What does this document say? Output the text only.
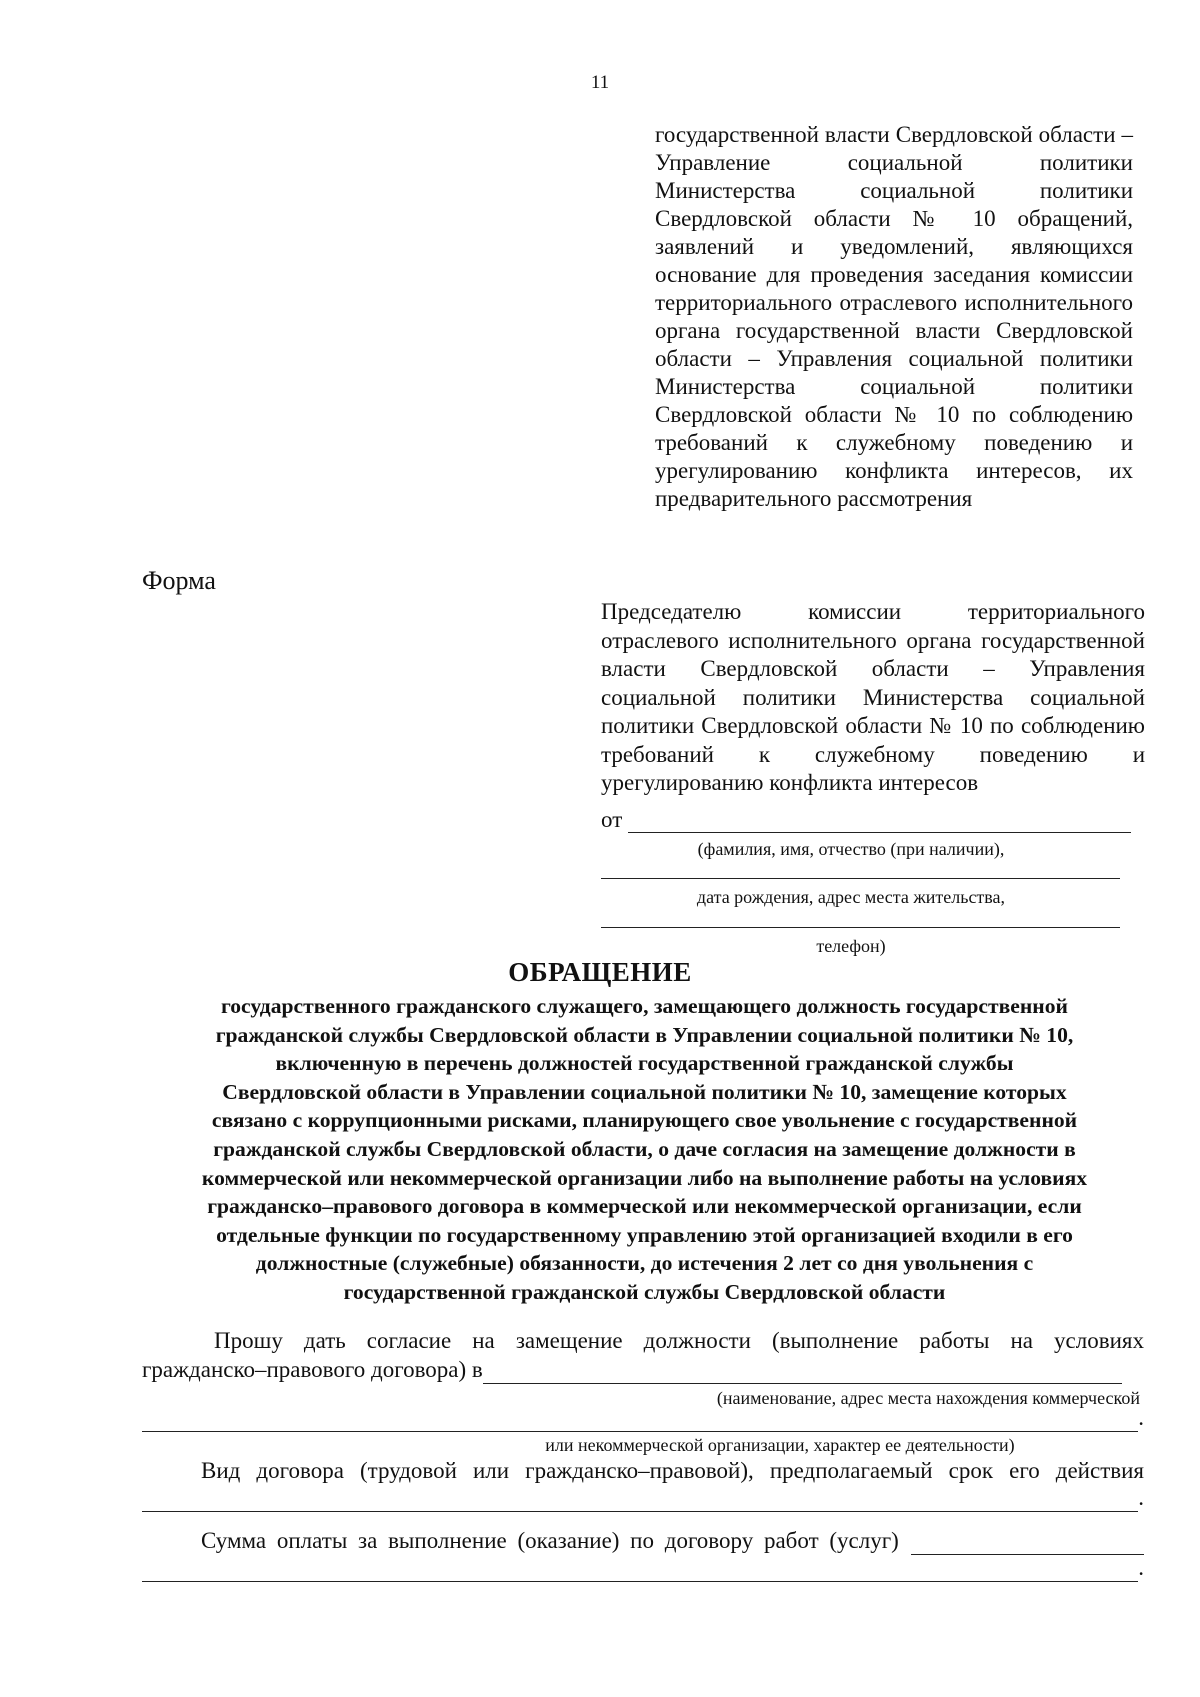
11
государственной власти Свердловской области – Управление социальной политики Министерства социальной политики Свердловской области № 10 обращений, заявлений и уведомлений, являющихся основание для проведения заседания комиссии территориального отраслевого исполнительного органа государственной власти Свердловской области – Управления социальной политики Министерства социальной политики Свердловской области № 10 по соблюдению требований к служебному поведению и урегулированию конфликта интересов, их предварительного рассмотрения
Форма
Председателю комиссии территориального отраслевого исполнительного органа государственной власти Свердловской области – Управления социальной политики Министерства социальной политики Свердловской области № 10 по соблюдению требований к служебному поведению и урегулированию конфликта интересов
от
(фамилия, имя, отчество (при наличии),
дата рождения, адрес места жительства,
телефон)
ОБРАЩЕНИЕ
государственного гражданского служащего, замещающего должность государственной
гражданской службы Свердловской области в Управлении социальной политики № 10,
включенную в перечень должностей государственной гражданской службы
Свердловской области в Управлении социальной политики № 10, замещение которых
связано с коррупционными рисками, планирующего свое увольнение с государственной
гражданской службы Свердловской области, о даче согласия на замещение должности в
коммерческой или некоммерческой организации либо на выполнение работы на условиях
гражданско–правового договора в коммерческой или некоммерческой организации, если
отдельные функции по государственному управлению этой организацией входили в его
должностные (служебные) обязанности, до истечения 2 лет со дня увольнения с
государственной гражданской службы Свердловской области
Прошу дать согласие на замещение должности (выполнение работы на условиях
гражданско–правового договора) в
(наименование, адрес места нахождения коммерческой
.
или некоммерческой организации, характер ее деятельности)
Вид договора (трудовой или гражданско–правовой), предполагаемый срок его действия
.
Сумма оплаты за выполнение (оказание) по договору работ (услуг)
.
